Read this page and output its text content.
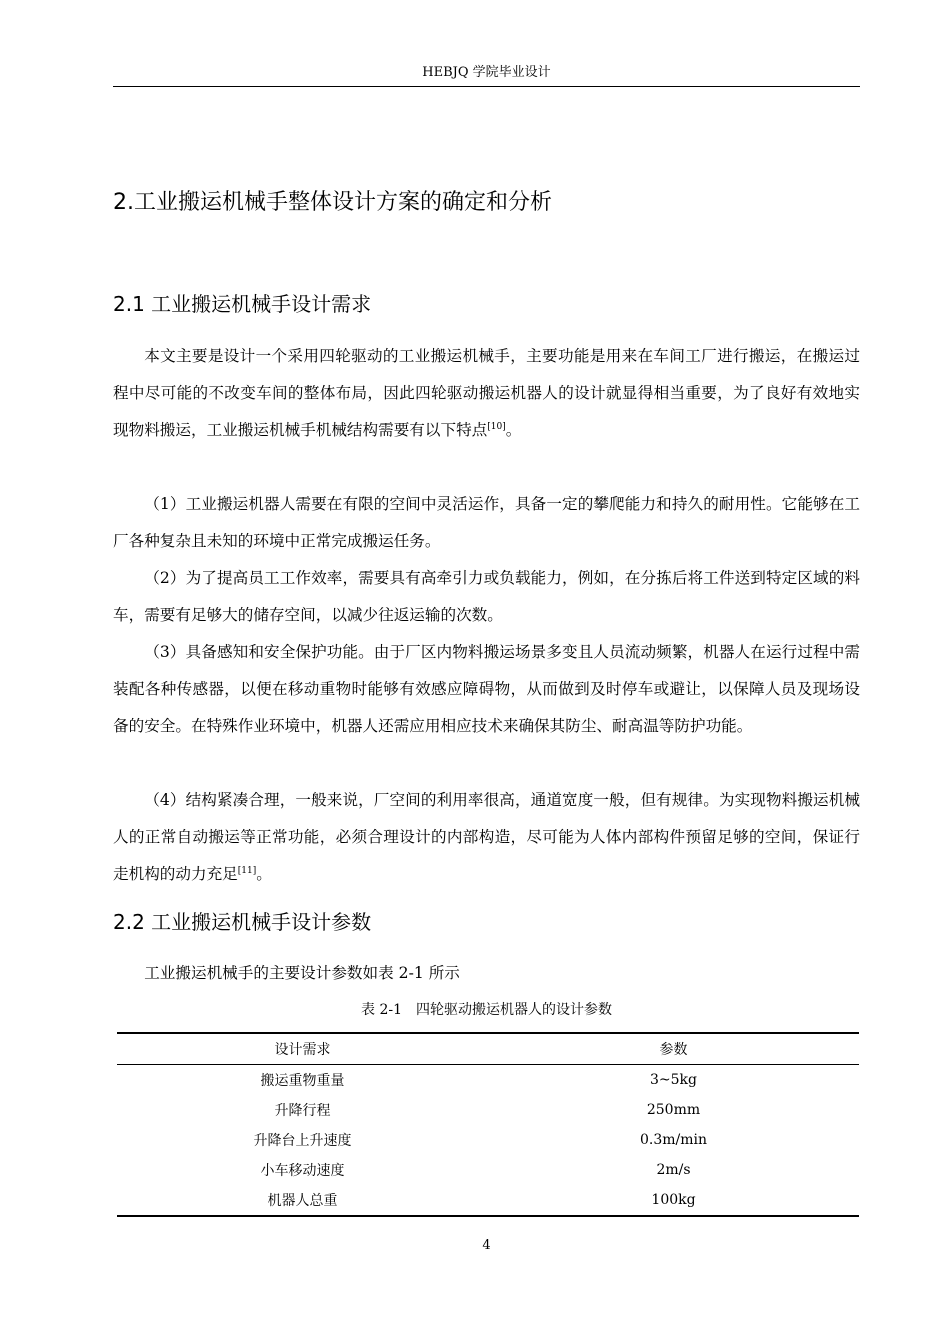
HEBJQ 学院毕业设计
2.工业搬运机械手整体设计方案的确定和分析
2.1 工业搬运机械手设计需求

本文主要是设计一个采用四轮驱动的工业搬运机械手，主要功能是用来在车间工厂进行搬运，在搬运过程中尽可能的不改变车间的整体布局，因此四轮驱动搬运机器人的设计就显得相当重要，为了良好有效地实现物料搬运，工业搬运机械手机械结构需要有以下特点[10]。

（1）工业搬运机器人需要在有限的空间中灵活运作，具备一定的攀爬能力和持久的耐用性。它能够在工厂各种复杂且未知的环境中正常完成搬运任务。

（2）为了提高员工工作效率，需要具有高牵引力或负载能力，例如，在分拣后将工件送到特定区域的料车，需要有足够大的储存空间，以减少往返运输的次数。

（3）具备感知和安全保护功能。由于厂区内物料搬运场景多变且人员流动频繁，机器人在运行过程中需装配各种传感器，以便在移动重物时能够有效感应障碍物，从而做到及时停车或避让，以保障人员及现场设备的安全。在特殊作业环境中，机器人还需应用相应技术来确保其防尘、耐高温等防护功能。

（4）结构紧凑合理，一般来说，厂空间的利用率很高，通道宽度一般，但有规律。为实现物料搬运机械人的正常自动搬运等正常功能，必须合理设计的内部构造，尽可能为人体内部构件预留足够的空间，保证行走机构的动力充足[11]。

2.2 工业搬运机械手设计参数

工业搬运机械手的主要设计参数如表 2-1 所示

表 2-1 四轮驱动搬运机器人的设计参数
设计需求	参数
搬运重物重量	3~5kg
升降行程	250mm
升降台上升速度	0.3m/min
小车移动速度	2m/s
机器人总重	100kg
4
